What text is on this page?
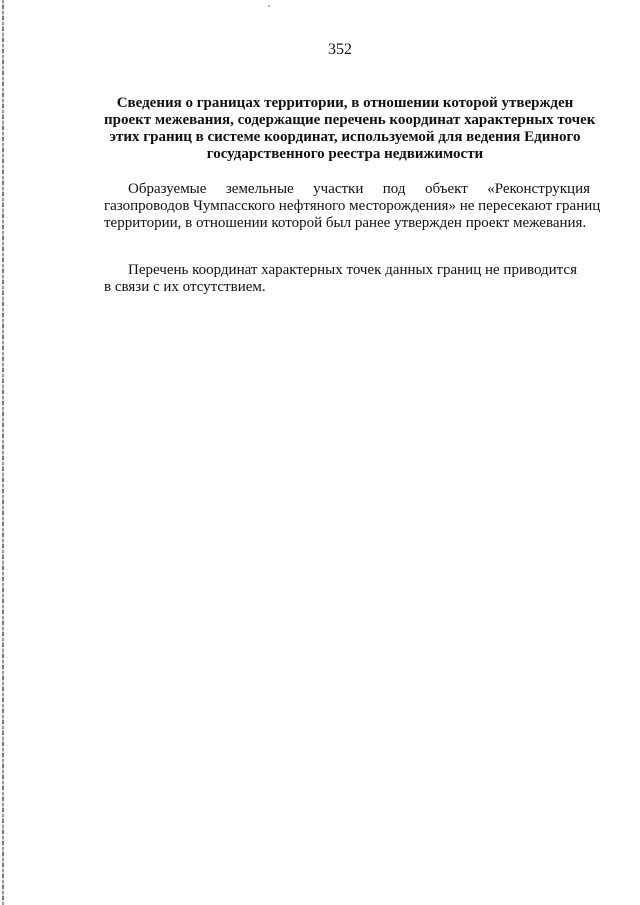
352
Сведения о границах территории, в отношении которой утвержден
проект межевания, содержащие перечень координат характерных точек
этих границ в системе координат, используемой для ведения Единого
государственного реестра недвижимости

Образуемые земельные участки под объект «Реконструкция
газопроводов Чумпасского нефтяного месторождения» не пересекают границ
территории, в отношении которой был ранее утвержден проект межевания.

Перечень координат характерных точек данных границ не приводится
в связи с их отсутствием.
